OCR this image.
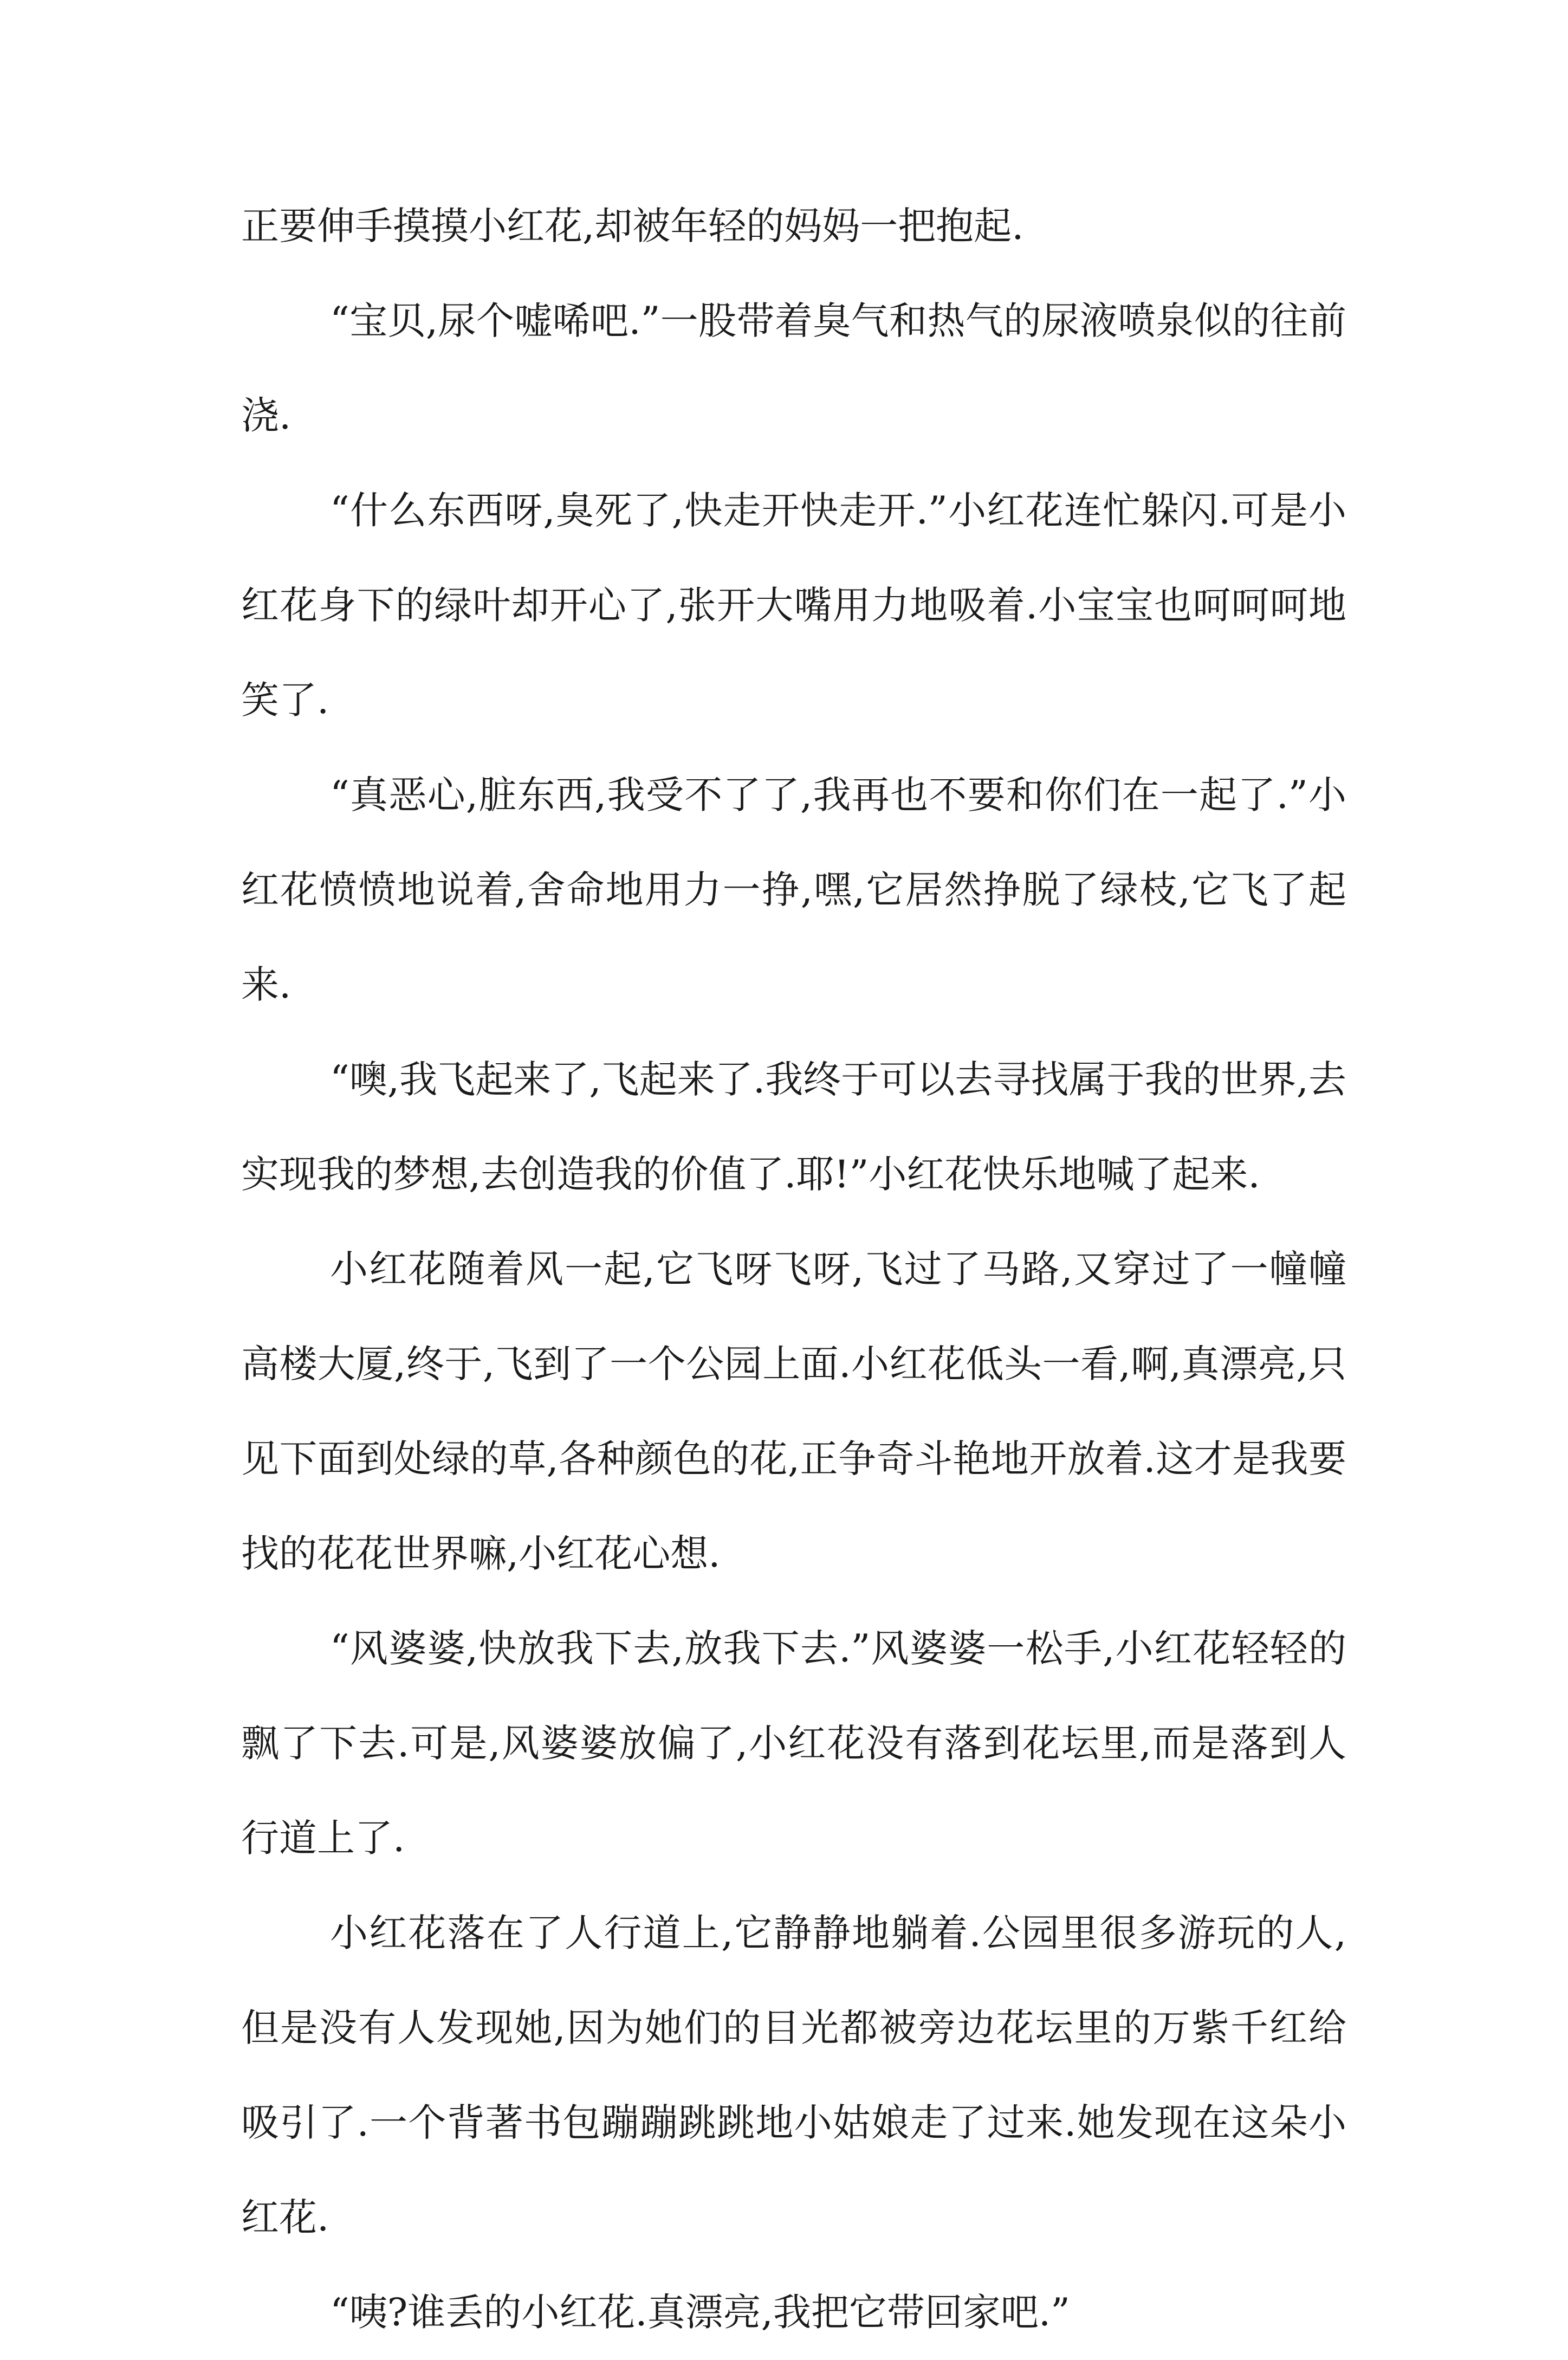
正要伸手摸摸小红花,却被年轻的妈妈一把抱起.

“宝贝,尿个嘘唏吧.”一股带着臭气和热气的尿液喷泉似的往前浇.

“什么东西呀,臭死了,快走开快走开.”小红花连忙躲闪.可是小红花身下的绿叶却开心了,张开大嘴用力地吸着.小宝宝也呵呵呵地笑了.

“真恶心,脏东西,我受不了了,我再也不要和你们在一起了.”小红花愤愤地说着,舍命地用力一挣,嘿,它居然挣脱了绿枝,它飞了起来.

“噢,我飞起来了,飞起来了.我终于可以去寻找属于我的世界,去实现我的梦想,去创造我的价值了.耶!”小红花快乐地喊了起来.

小红花随着风一起,它飞呀飞呀,飞过了马路,又穿过了一幢幢高楼大厦,终于,飞到了一个公园上面.小红花低头一看,啊,真漂亮,只见下面到处绿的草,各种颜色的花,正争奇斗艳地开放着.这才是我要找的花花世界嘛,小红花心想.

“风婆婆,快放我下去,放我下去.”风婆婆一松手,小红花轻轻的飘了下去.可是,风婆婆放偏了,小红花没有落到花坛里,而是落到人行道上了.

小红花落在了人行道上,它静静地躺着.公园里很多游玩的人,但是没有人发现她,因为她们的目光都被旁边花坛里的万紫千红给吸引了.一个背著书包蹦蹦跳跳地小姑娘走了过来.她发现在这朵小红花.

“咦?谁丢的小红花.真漂亮,我把它带回家吧.”
